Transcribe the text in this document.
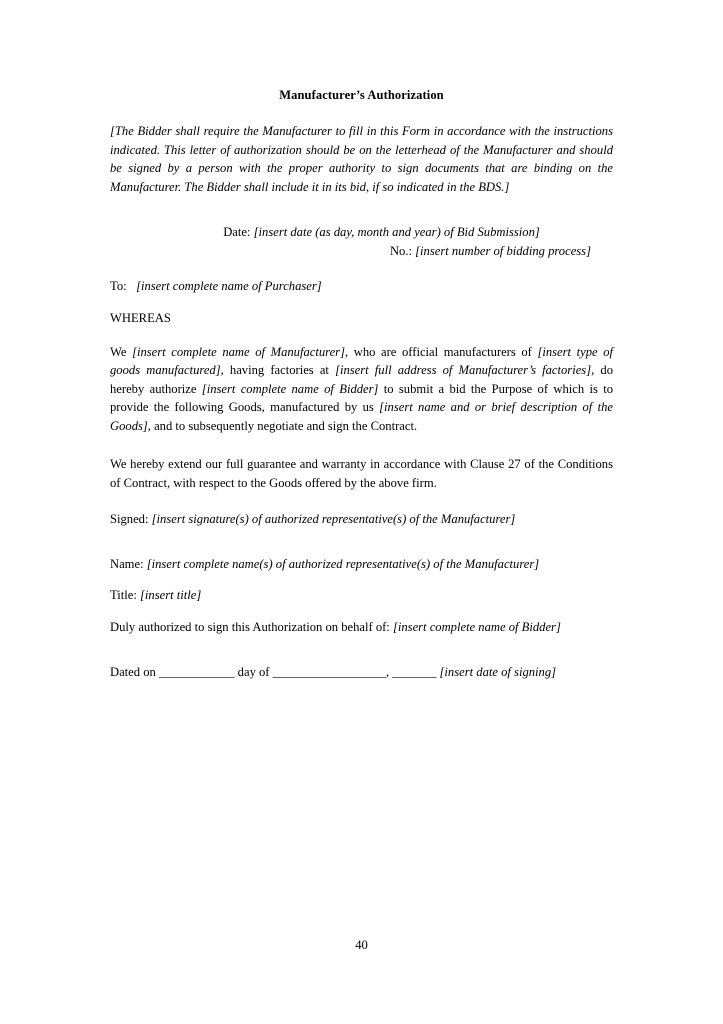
Manufacturer’s Authorization

[The Bidder shall require the Manufacturer to fill in this Form in accordance with the instructions indicated. This letter of authorization should be on the letterhead of the Manufacturer and should be signed by a person with the proper authority to sign documents that are binding on the Manufacturer. The Bidder shall include it in its bid, if so indicated in the BDS.]

Date: [insert date (as day, month and year) of Bid Submission]

No.: [insert number of bidding process]

To: [insert complete name of Purchaser]

WHEREAS

We [insert complete name of Manufacturer], who are official manufacturers of [insert type of goods manufactured], having factories at [insert full address of Manufacturer’s factories], do hereby authorize [insert complete name of Bidder] to submit a bid the Purpose of which is to provide the following Goods, manufactured by us [insert name and or brief description of the Goods], and to subsequently negotiate and sign the Contract.

We hereby extend our full guarantee and warranty in accordance with Clause 27 of the Conditions of Contract, with respect to the Goods offered by the above firm.

Signed: [insert signature(s) of authorized representative(s) of the Manufacturer]

Name: [insert complete name(s) of authorized representative(s) of the Manufacturer]

Title: [insert title]

Duly authorized to sign this Authorization on behalf of: [insert complete name of Bidder]

Dated on ____________ day of __________________, _______ [insert date of signing]

40
